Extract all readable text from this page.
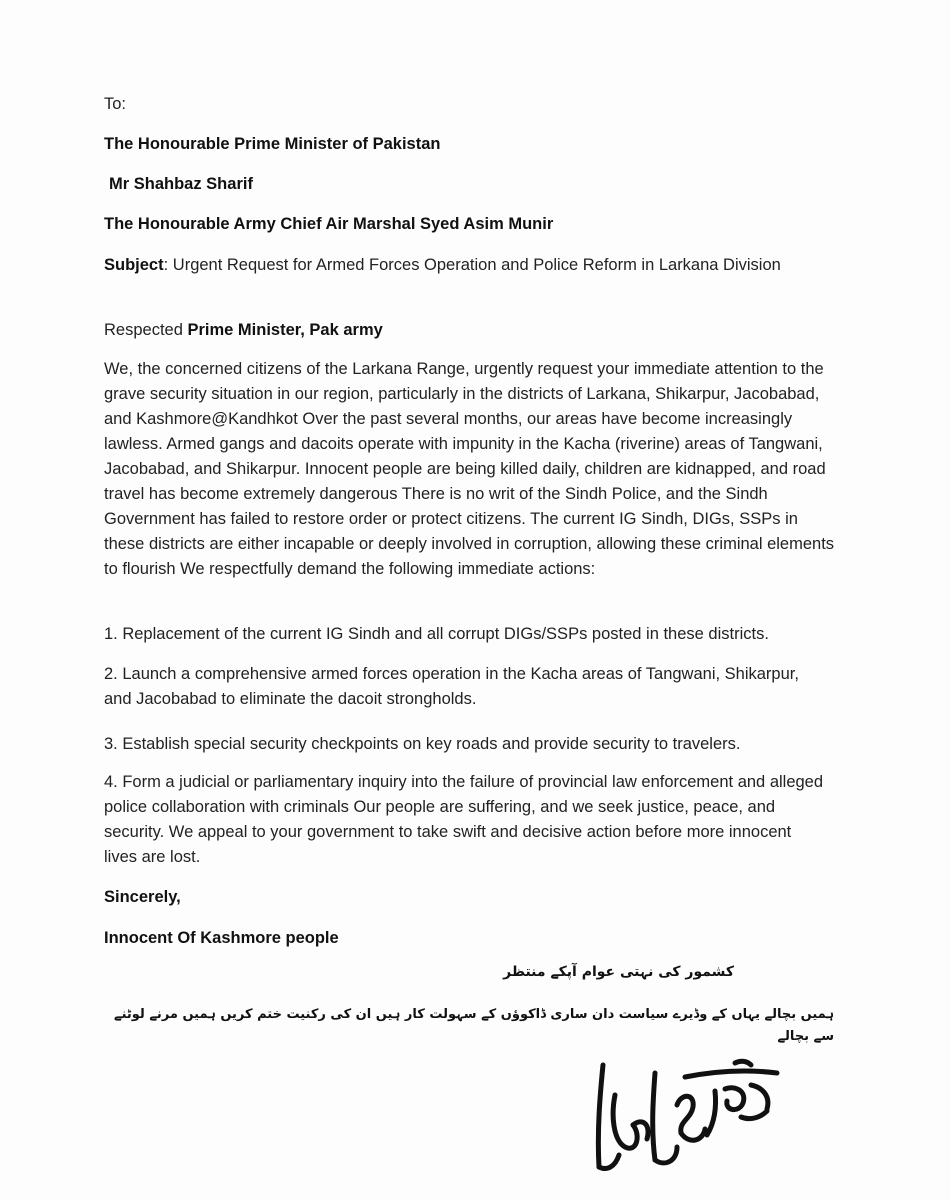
To:
The Honourable Prime Minister of Pakistan
Mr Shahbaz Sharif
The Honourable Army Chief Air Marshal Syed Asim Munir
Subject: Urgent Request for Armed Forces Operation and Police Reform in Larkana Division
Respected Prime Minister, Pak army
We, the concerned citizens of the Larkana Range, urgently request your immediate attention to the grave security situation in our region, particularly in the districts of Larkana, Shikarpur, Jacobabad, and Kashmore@Kandhkot Over the past several months, our areas have become increasingly lawless. Armed gangs and dacoits operate with impunity in the Kacha (riverine) areas of Tangwani, Jacobabad, and Shikarpur. Innocent people are being killed daily, children are kidnapped, and road travel has become extremely dangerous There is no writ of the Sindh Police, and the Sindh Government has failed to restore order or protect citizens. The current IG Sindh, DIGs, SSPs in these districts are either incapable or deeply involved in corruption, allowing these criminal elements to flourish We respectfully demand the following immediate actions:
1. Replacement of the current IG Sindh and all corrupt DIGs/SSPs posted in these districts.
2. Launch a comprehensive armed forces operation in the Kacha areas of Tangwani, Shikarpur, and Jacobabad to eliminate the dacoit strongholds.
3. Establish special security checkpoints on key roads and provide security to travelers.
4. Form a judicial or parliamentary inquiry into the failure of provincial law enforcement and alleged police collaboration with criminals Our people are suffering, and we seek justice, peace, and security. We appeal to your government to take swift and decisive action before more innocent lives are lost.
Sincerely,
Innocent Of Kashmore people
کشمور کی نہتی عوام آپکے منتظر
ہمیں بچالے یہاں کے وڈیرے سیاست دان ساری ڈاکوؤں کے سہولت کار ہیں ان کی رکنیت ختم کریں ہمیں مرنے لوٹنے سے بچالے
